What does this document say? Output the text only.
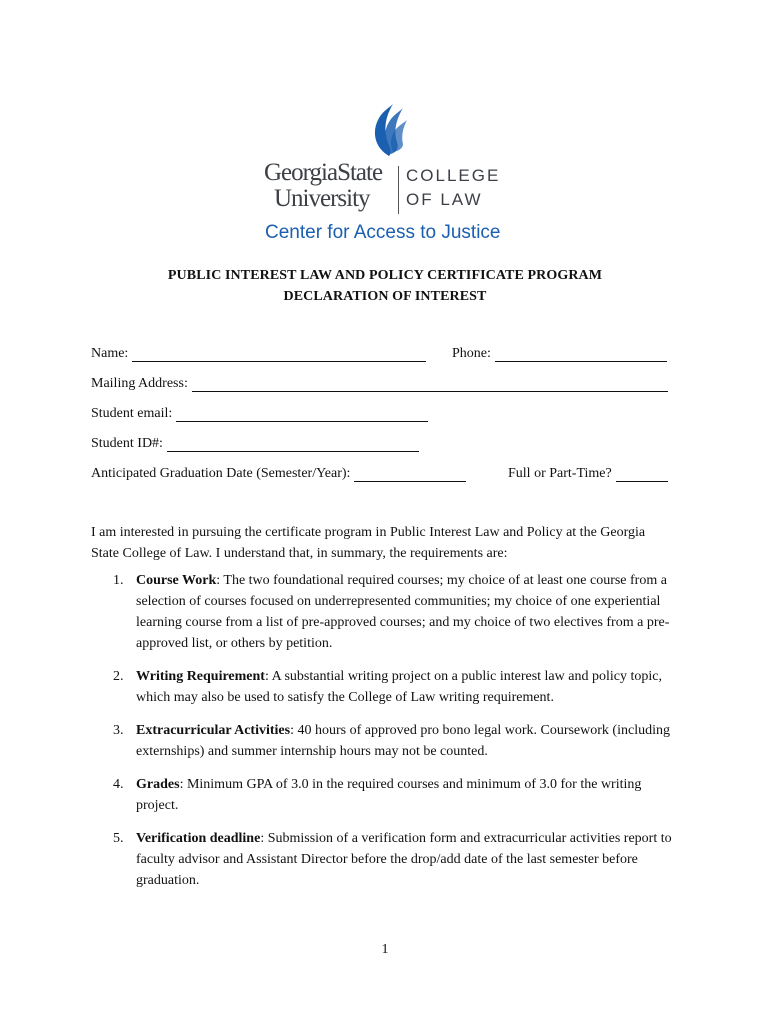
GeorgiaState
University
COLLEGE
OF LAW
Center for Access to Justice
PUBLIC INTEREST LAW AND POLICY CERTIFICATE PROGRAM
DECLARATION OF INTEREST
Name:	Phone:
Mailing Address:
Student email:
Student ID#:
Anticipated Graduation Date (Semester/Year):	Full or Part-Time?
I am interested in pursuing the certificate program in Public Interest Law and Policy at the Georgia State College of Law. I understand that, in summary, the requirements are:
1. Course Work: The two foundational required courses; my choice of at least one course from a selection of courses focused on underrepresented communities; my choice of one experiential learning course from a list of pre-approved courses; and my choice of two electives from a pre-approved list, or others by petition.
2. Writing Requirement: A substantial writing project on a public interest law and policy topic, which may also be used to satisfy the College of Law writing requirement.
3. Extracurricular Activities: 40 hours of approved pro bono legal work. Coursework (including externships) and summer internship hours may not be counted.
4. Grades: Minimum GPA of 3.0 in the required courses and minimum of 3.0 for the writing project.
5. Verification deadline: Submission of a verification form and extracurricular activities report to faculty advisor and Assistant Director before the drop/add date of the last semester before graduation.
1
